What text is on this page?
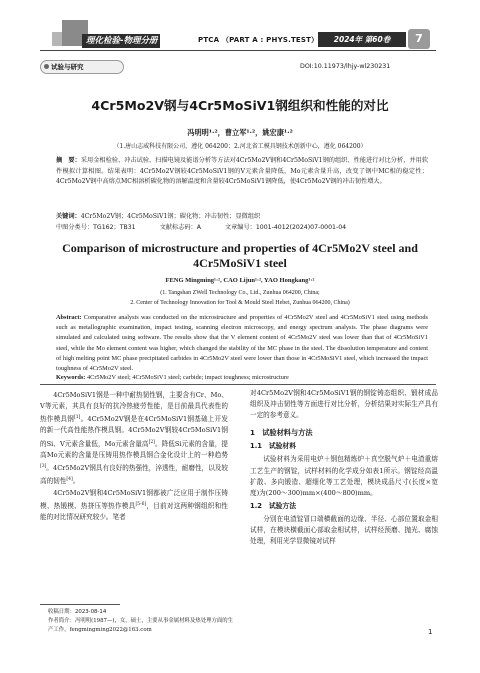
理化检验-物理分册	PTCA （PART A : PHYS.TEST）	2024年 第60卷	7
试验与研究	DOI:10.11973/lhjy-wl230231
4Cr5Mo2V钢与4Cr5MoSiV1钢组织和性能的对比
冯明明¹·²，曹立军¹·²，姚宏康¹·²
（1.唐山志威科技有限公司，遵化 064200；2.河北省工模具钢技术创新中心，遵化 064200）
摘　要：采用金相检验、冲击试验、扫描电镜及能谱分析等方法对4Cr5Mo2V钢和4Cr5MoSiV1钢的组织、性能进行对比分析，并用软件模拟计算相图。结果表明：4Cr5Mo2V钢较4Cr5MoSiV1钢的V元素含量降低，Mo元素含量升高，改变了钢中MC相的稳定性；4Cr5Mo2V钢中高熔点MC相溶析碳化物的溶解温度和含量较4Cr5MoSiV1钢降低，使4Cr5Mo2V钢的冲击韧性增大。
关键词：4Cr5Mo2V钢；4Cr5MoSiV1钢；碳化物；冲击韧性；显微组织
中图分类号：TG162；TB31	文献标志码：A	文章编号：1001-4012(2024)07-0001-04
Comparison of microstructure and properties of 4Cr5Mo2V steel and 4Cr5MoSiV1 steel
FENG Mingming¹·², CAO Lijun¹·², YAO Hongkang¹·²
(1. Tangshan ZWell Technology Co., Ltd., Zunhua 064200, China;
2. Center of Technology Innovation for Tool & Mould Steel Hebei, Zunhua 064200, China)
Abstract: Comparative analysis was conducted on the microstructure and properties of 4Cr5Mo2V steel and 4Cr5MoSiV1 steel using methods such as metallographic examination, impact testing, scanning electron microscopy, and energy spectrum analysis. The phase diagrams were simulated and calculated using software. The results show that the V element content of 4Cr5Mo2V steel was lower than that of 4Cr5MoSiV1 steel, while the Mo element content was higher, which changed the stability of the MC phase in the steel. The dissolution temperature and content of high melting point MC phase precipitated carbides in 4Cr5Mo2V steel were lower than those in 4Cr5MoSiV1 steel, which increased the impact toughness of 4Cr5Mo2V steel.
Keywords: 4Cr5Mo2V steel; 4Cr5MoSiV1 steel; carbide; impact toughness; microstructure

4Cr5MoSiV1钢是一种中耐热韧性钢，主要含有Cr、Mo、V等元素，其具有良好的抗冷热疲劳性能，是目前最具代表性的热作模具钢[1]。4Cr5Mo2V钢是在4Cr5MoSiV1钢基础上开发的新一代高性能热作模具钢。4Cr5Mo2V钢较4Cr5MoSiV1钢的Si、V元素含量低，Mo元素含量高[2]。降低Si元素的含量，提高Mo元素的含量是压铸用热作模具钢合金化设计上的一种趋势[3]。4Cr5Mo2V钢具有良好的热强性，淬透性，耐磨性，以及较高的韧性[4]。

4Cr5Mo2V钢和4Cr5MoSiV1钢都被广泛应用于制作压铸模、热锻模、热挤压等热作模具[5-6]，目前对这两种钢组织和性能的对比情况研究较少。笔者

对4Cr5Mo2V钢和4Cr5MoSiV1钢的钢锭铸态组织、锻材成品组织及冲击韧性等方面进行对比分析，分析结果对实际生产具有一定的参考意义。

1　试验材料与方法
1.1　试验材料

试验材料为采用电炉＋钢包精炼炉＋真空脱气炉＋电渣重熔工艺生产的钢锭，试样材料的化学成分如表1所示。钢锭经高温扩散、多向锻造、超细化等工艺处理，模块成品尺寸(长度×宽度)为(200～300)mm×(400～800)mm。

1.2　试验方法

分别在电渣锭冒口端横截面的边缘、半径、心部位置取金相试样，在模块横截面心部取金相试样，试样经预磨、抛光、腐蚀处理，利用光学显微镜对试样

收稿日期：2023-08-14
作者简介：冯明明(1987—)，女，硕士，主要从事金属材料及热处理方面的生产工作，fengmingming2022@163.com	1
